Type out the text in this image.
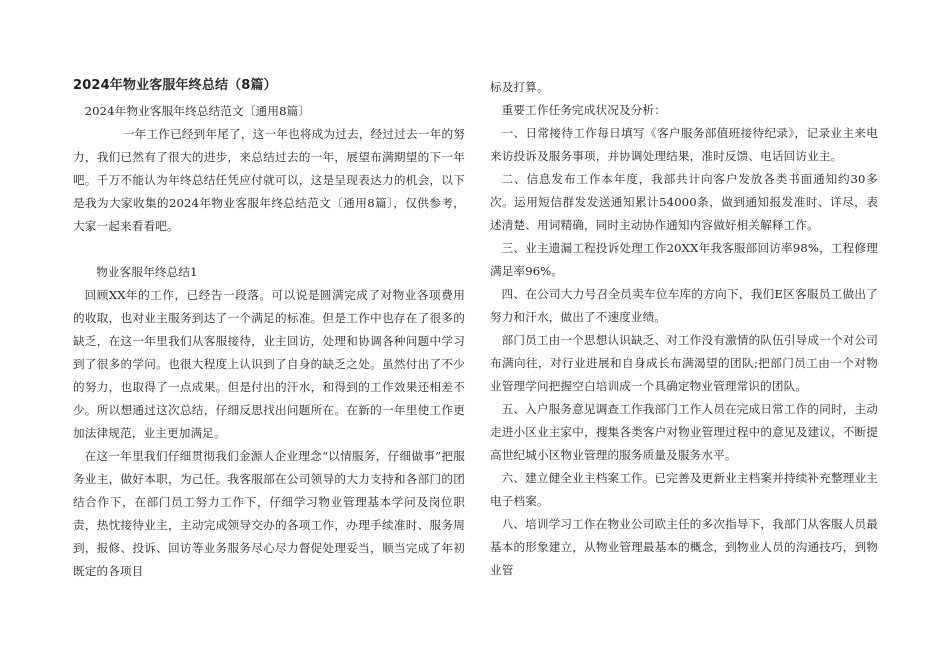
2024年物业客服年终总结（8篇）

2024年物业客服年终总结范文〔通用8篇〕

一年工作已经到年尾了，这一年也将成为过去，经过过去一年的努力，我们已然有了很大的进步，来总结过去的一年，展望布满期望的下一年吧。千万不能认为年终总结任凭应付就可以，这是呈现表达力的机会，以下是我为大家收集的2024年物业客服年终总结范文〔通用8篇〕，仅供参考，大家一起来看看吧。

物业客服年终总结1

回顾XX年的工作，已经告一段落。可以说是圆满完成了对物业各项费用的收取，也对业主服务到达了一个满足的标准。但是工作中也存在了很多的缺乏，在这一年里我们从客服接待，业主回访，处理和协调各种问题中学习到了很多的学问。也很大程度上认识到了自身的缺乏之处。虽然付出了不少的努力，也取得了一点成果。但是付出的汗水，和得到的工作效果还相差不少。所以想通过这次总结，仔细反思找出问题所在。在新的一年里使工作更加法律规范，业主更加满足。

在这一年里我们仔细贯彻我们金源人企业理念“以情服务，仔细做事”把服务业主，做好本职，为己任。我客服部在公司领导的大力支持和各部门的团结合作下，在部门员工努力工作下，仔细学习物业管理基本学问及岗位职责，热忱接待业主，主动完成领导交办的各项工作，办理手续准时、服务周到，报修、投诉、回访等业务服务尽心尽力督促处理妥当，顺当完成了年初既定的各项目

标及打算。

重要工作任务完成状况及分析：

一、日常接待工作每日填写《客户服务部值班接待纪录》，记录业主来电来访投诉及服务事项，并协调处理结果，准时反馈、电话回访业主。

二、信息发布工作本年度，我部共计向客户发放各类书面通知约30多次。运用短信群发发送通知累计54000条，做到通知报发准时、详尽，表述清楚、用词精确，同时主动协作通知内容做好相关解释工作。

三、业主遗漏工程投诉处理工作20XX年我客服部回访率98%，工程修理满足率96%。

四、在公司大力号召全员卖车位车库的方向下，我们E区客服员工做出了努力和汗水，做出了不速度业绩。

部门员工由一个思想认识缺乏、对工作没有激情的队伍引导成一个对公司布满向往，对行业进展和自身成长布满渴望的团队;把部门员工由一个对物业管理学问把握空白培训成一个具确定物业管理常识的团队。

五、入户服务意见调查工作我部门工作人员在完成日常工作的同时，主动走进小区业主家中，搜集各类客户对物业管理过程中的意见及建议，不断提高世纪城小区物业管理的服务质量及服务水平。

六、建立健全业主档案工作。已完善及更新业主档案并持续补充整理业主电子档案。

八、培训学习工作在物业公司欧主任的多次指导下，我部门从客服人员最基本的形象建立，从物业管理最基本的概念，到物业人员的沟通技巧，到物业管
